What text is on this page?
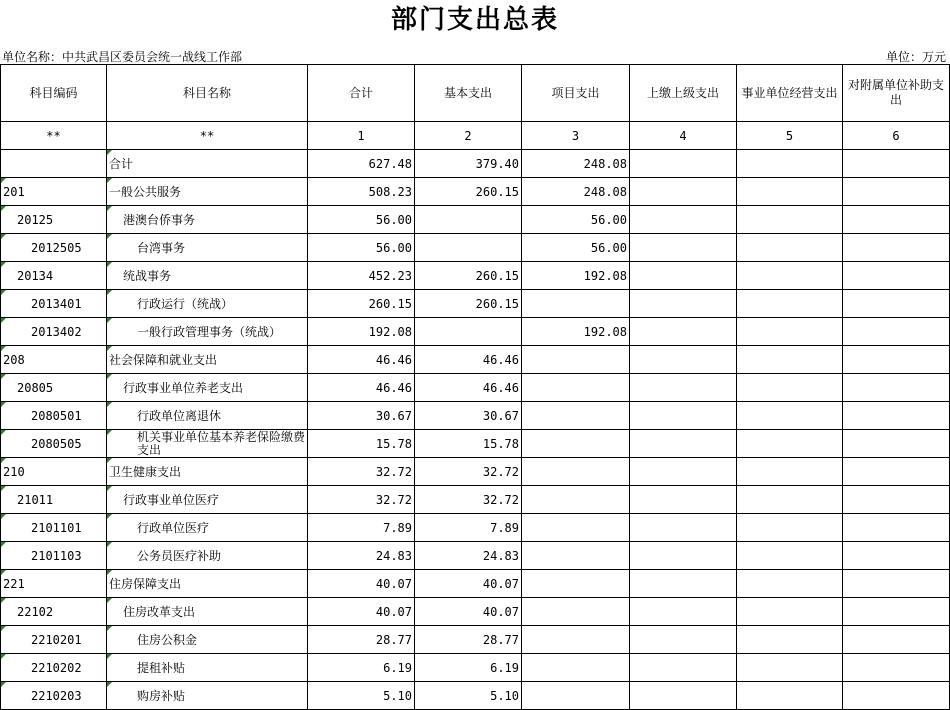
部门支出总表
单位名称：中共武昌区委员会统一战线工作部	单位：万元
科目编码	科目名称	合计	基本支出	项目支出	上缴上级支出	事业单位经营支出	对附属单位补助支出
**	**	1	2	3	4	5	6
	合计	627.48	379.40	248.08			
201	一般公共服务	508.23	260.15	248.08			
20125	港澳台侨事务	56.00		56.00			
2012505	台湾事务	56.00		56.00			
20134	统战事务	452.23	260.15	192.08			
2013401	行政运行（统战）	260.15	260.15				
2013402	一般行政管理事务（统战）	192.08		192.08			
208	社会保障和就业支出	46.46	46.46				
20805	行政事业单位养老支出	46.46	46.46				
2080501	行政单位离退休	30.67	30.67				
2080505	机关事业单位基本养老保险缴费支出	15.78	15.78				
210	卫生健康支出	32.72	32.72				
21011	行政事业单位医疗	32.72	32.72				
2101101	行政单位医疗	7.89	7.89				
2101103	公务员医疗补助	24.83	24.83				
221	住房保障支出	40.07	40.07				
22102	住房改革支出	40.07	40.07				
2210201	住房公积金	28.77	28.77				
2210202	提租补贴	6.19	6.19				
2210203	购房补贴	5.10	5.10				
